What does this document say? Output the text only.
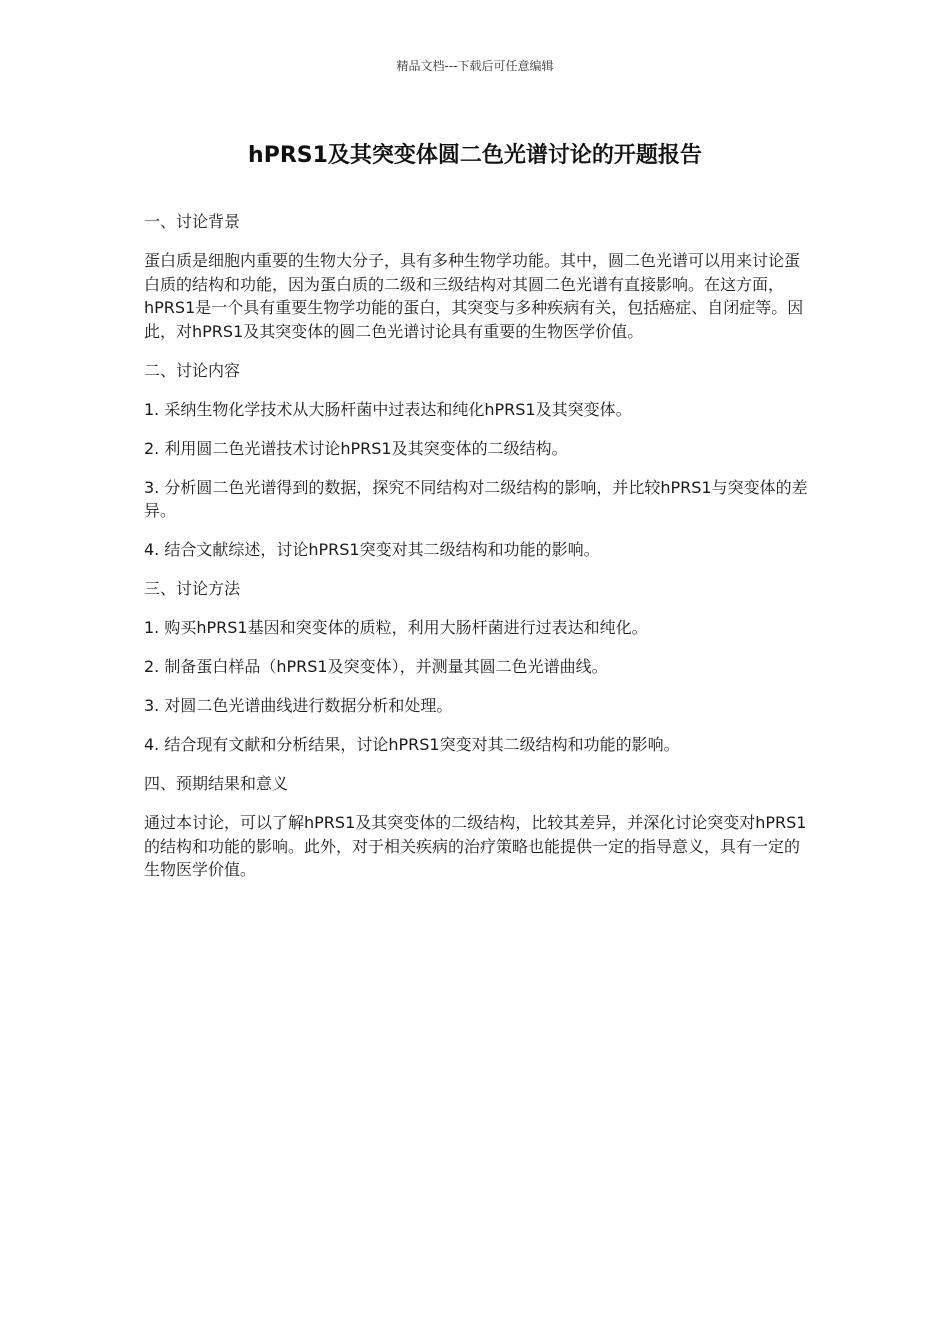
精品文档---下载后可任意编辑
hPRS1及其突变体圆二色光谱讨论的开题报告

一、讨论背景

蛋白质是细胞内重要的生物大分子，具有多种生物学功能。其中，圆二色光谱可以用来讨论蛋白质的结构和功能，因为蛋白质的二级和三级结构对其圆二色光谱有直接影响。在这方面，hPRS1是一个具有重要生物学功能的蛋白，其突变与多种疾病有关，包括癌症、自闭症等。因此，对hPRS1及其突变体的圆二色光谱讨论具有重要的生物医学价值。

二、讨论内容

1. 采纳生物化学技术从大肠杆菌中过表达和纯化hPRS1及其突变体。

2. 利用圆二色光谱技术讨论hPRS1及其突变体的二级结构。

3. 分析圆二色光谱得到的数据，探究不同结构对二级结构的影响，并比较hPRS1与突变体的差异。

4. 结合文献综述，讨论hPRS1突变对其二级结构和功能的影响。

三、讨论方法

1. 购买hPRS1基因和突变体的质粒，利用大肠杆菌进行过表达和纯化。

2. 制备蛋白样品（hPRS1及突变体），并测量其圆二色光谱曲线。

3. 对圆二色光谱曲线进行数据分析和处理。

4. 结合现有文献和分析结果，讨论hPRS1突变对其二级结构和功能的影响。

四、预期结果和意义

通过本讨论，可以了解hPRS1及其突变体的二级结构，比较其差异，并深化讨论突变对hPRS1的结构和功能的影响。此外，对于相关疾病的治疗策略也能提供一定的指导意义，具有一定的生物医学价值。
